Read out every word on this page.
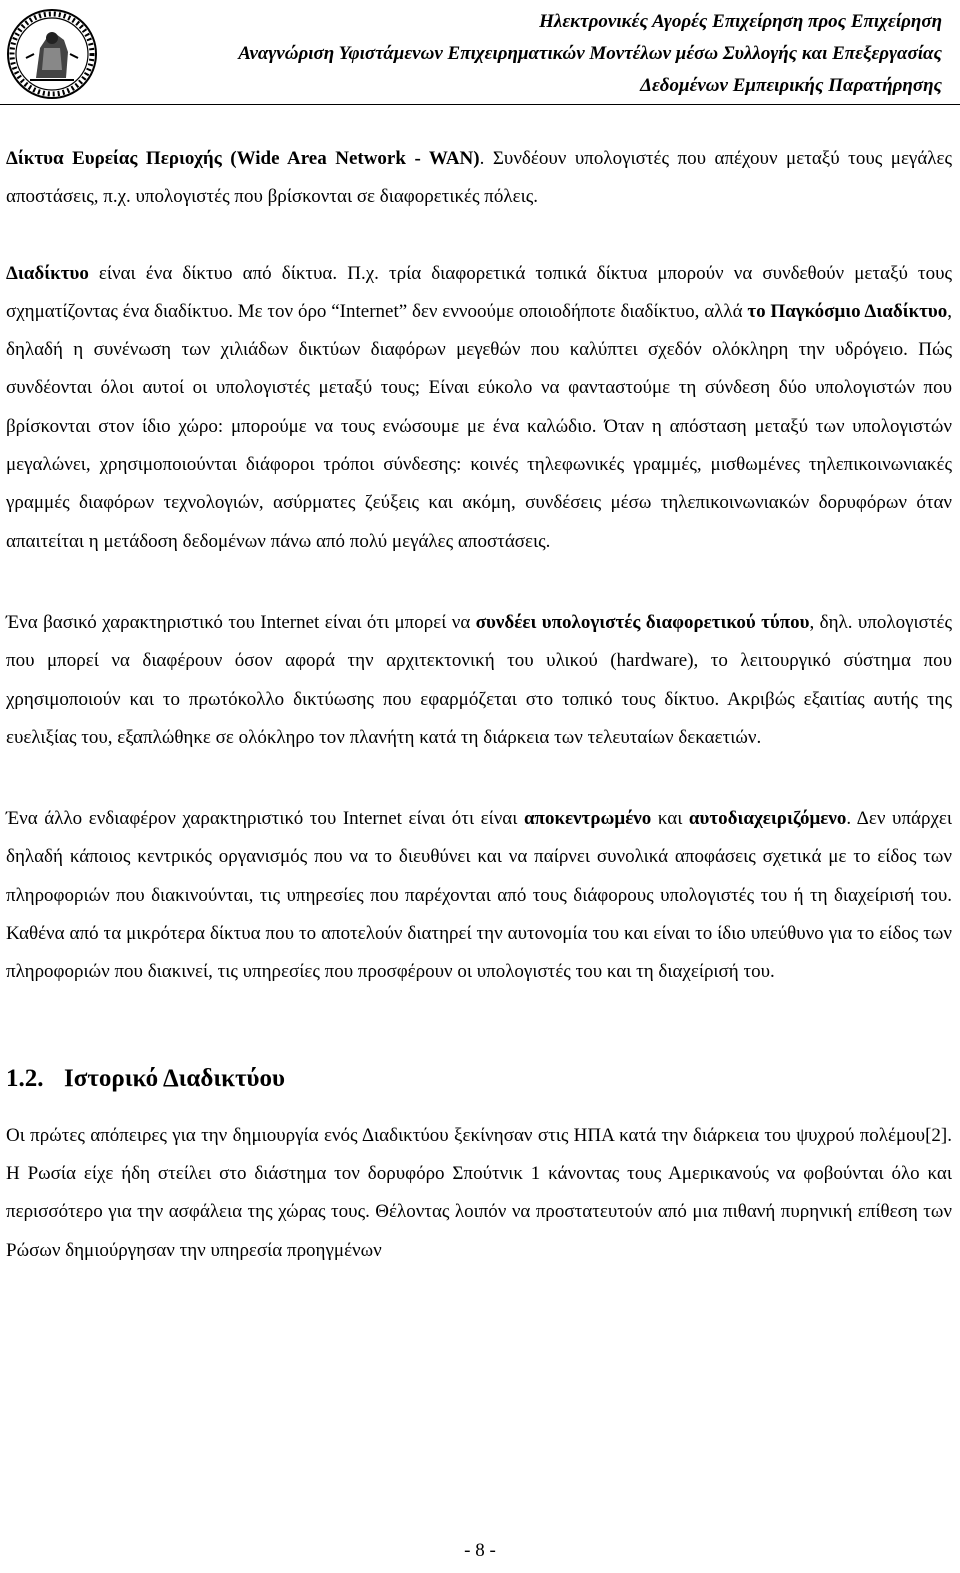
Ηλεκτρονικές Αγορές Επιχείρηση προς Επιχείρηση
Αναγνώριση Υφιστάμενων Επιχειρηματικών Μοντέλων μέσω Συλλογής και Επεξεργασίας
Δεδομένων Εμπειρικής Παρατήρησης

Δίκτυα Ευρείας Περιοχής (Wide Area Network - WAN). Συνδέουν υπολογιστές που απέχουν μεταξύ τους μεγάλες αποστάσεις, π.χ. υπολογιστές που βρίσκονται σε διαφορετικές πόλεις.

Διαδίκτυο είναι ένα δίκτυο από δίκτυα. Π.χ. τρία διαφορετικά τοπικά δίκτυα μπορούν να συνδεθούν μεταξύ τους σχηματίζοντας ένα διαδίκτυο. Με τον όρο “Internet” δεν εννοούμε οποιοδήποτε διαδίκτυο, αλλά το Παγκόσμιο Διαδίκτυο, δηλαδή η συνένωση των χιλιάδων δικτύων διαφόρων μεγεθών που καλύπτει σχεδόν ολόκληρη την υδρόγειο. Πώς συνδέονται όλοι αυτοί οι υπολογιστές μεταξύ τους; Είναι εύκολο να φανταστούμε τη σύνδεση δύο υπολογιστών που βρίσκονται στον ίδιο χώρο: μπορούμε να τους ενώσουμε με ένα καλώδιο. Όταν η απόσταση μεταξύ των υπολογιστών μεγαλώνει, χρησιμοποιούνται διάφοροι τρόποι σύνδεσης: κοινές τηλεφωνικές γραμμές, μισθωμένες τηλεπικοινωνιακές γραμμές διαφόρων τεχνολογιών, ασύρματες ζεύξεις και ακόμη, συνδέσεις μέσω τηλεπικοινωνιακών δορυφόρων όταν απαιτείται η μετάδοση δεδομένων πάνω από πολύ μεγάλες αποστάσεις.

Ένα βασικό χαρακτηριστικό του Internet είναι ότι μπορεί να συνδέει υπολογιστές διαφορετικού τύπου, δηλ. υπολογιστές που μπορεί να διαφέρουν όσον αφορά την αρχιτεκτονική του υλικού (hardware), το λειτουργικό σύστημα που χρησιμοποιούν και το πρωτόκολλο δικτύωσης που εφαρμόζεται στο τοπικό τους δίκτυο. Ακριβώς εξαιτίας αυτής της ευελιξίας του, εξαπλώθηκε σε ολόκληρο τον πλανήτη κατά τη διάρκεια των τελευταίων δεκαετιών.

Ένα άλλο ενδιαφέρον χαρακτηριστικό του Internet είναι ότι είναι αποκεντρωμένο και αυτοδιαχειριζόμενο. Δεν υπάρχει δηλαδή κάποιος κεντρικός οργανισμός που να το διευθύνει και να παίρνει συνολικά αποφάσεις σχετικά με το είδος των πληροφοριών που διακινούνται, τις υπηρεσίες που παρέχονται από τους διάφορους υπολογιστές του ή τη διαχείρισή του. Καθένα από τα μικρότερα δίκτυα που το αποτελούν διατηρεί την αυτονομία του και είναι το ίδιο υπεύθυνο για το είδος των πληροφοριών που διακινεί, τις υπηρεσίες που προσφέρουν οι υπολογιστές του και τη διαχείρισή του.

1.2. Ιστορικό Διαδικτύου

Οι πρώτες απόπειρες για την δημιουργία ενός Διαδικτύου ξεκίνησαν στις ΗΠΑ κατά την διάρκεια του ψυχρού πολέμου[2]. Η Ρωσία είχε ήδη στείλει στο διάστημα τον δορυφόρο Σπούτνικ 1 κάνοντας τους Αμερικανούς να φοβούνται όλο και περισσότερο για την ασφάλεια της χώρας τους. Θέλοντας λοιπόν να προστατευτούν από μια πιθανή πυρηνική επίθεση των Ρώσων δημιούργησαν την υπηρεσία προηγμένων

- 8 -
